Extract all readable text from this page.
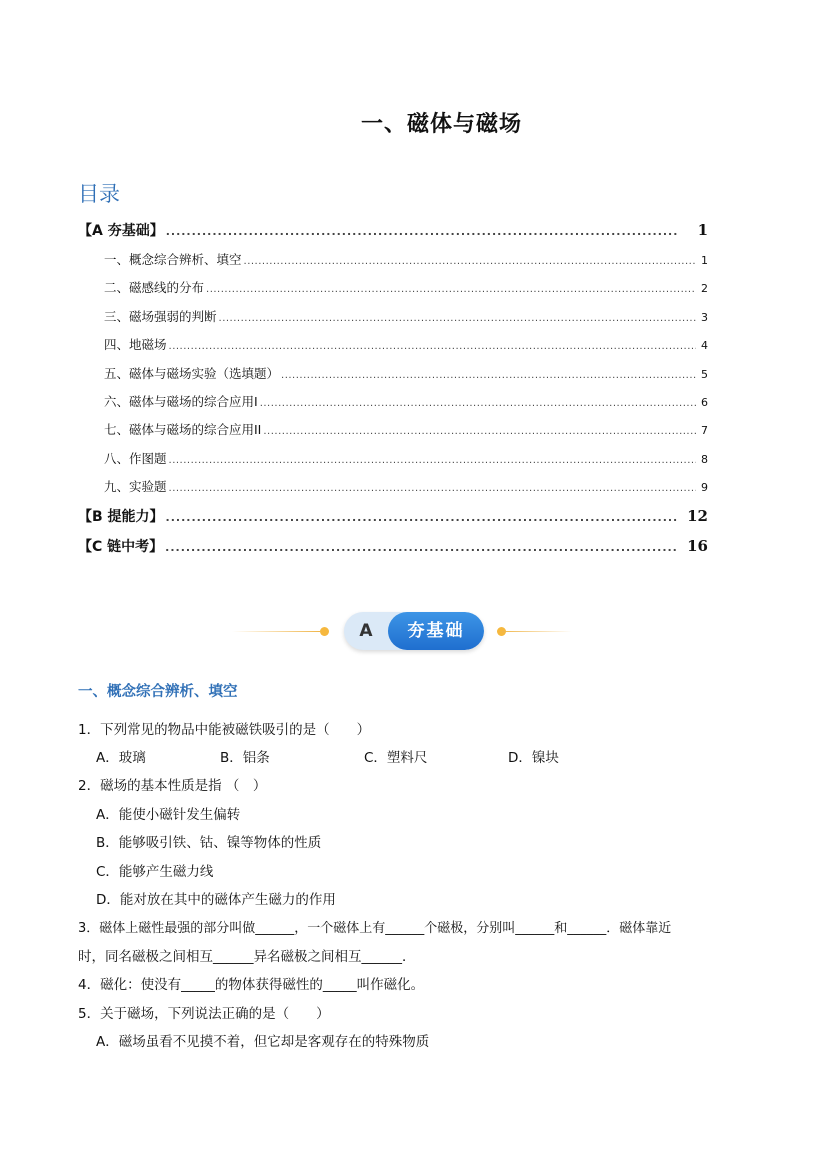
一、磁体与磁场
目录
【A 夯基础】 .....	1
一、概念综合辨析、填空 .....	1
二、磁感线的分布 .....	2
三、磁场强弱的判断 .....	3
四、地磁场 .....	4
五、磁体与磁场实验（选填题） .....	5
六、磁体与磁场的综合应用I .....	6
七、磁体与磁场的综合应用II .....	7
八、作图题 .....	8
九、实验题 .....	9
【B 提能力】 .....	12
【C 链中考】 .....	16
A	夯基础
一、概念综合辨析、填空
1．下列常见的物品中能被磁铁吸引的是（　　）
A．玻璃	B．铝条	C．塑料尺	D．镍块
2．磁场的基本性质是指 （　）
A．能使小磁针发生偏转
B．能够吸引铁、钴、镍等物体的性质
C．能够产生磁力线
D．能对放在其中的磁体产生磁力的作用
3．磁体上磁性最强的部分叫做______，一个磁体上有______个磁极，分别叫______和______．磁体靠近
时，同名磁极之间相互______异名磁极之间相互______．
4．磁化：使没有_____的物体获得磁性的_____叫作磁化。
5．关于磁场，下列说法正确的是（　　）
A．磁场虽看不见摸不着，但它却是客观存在的特殊物质
